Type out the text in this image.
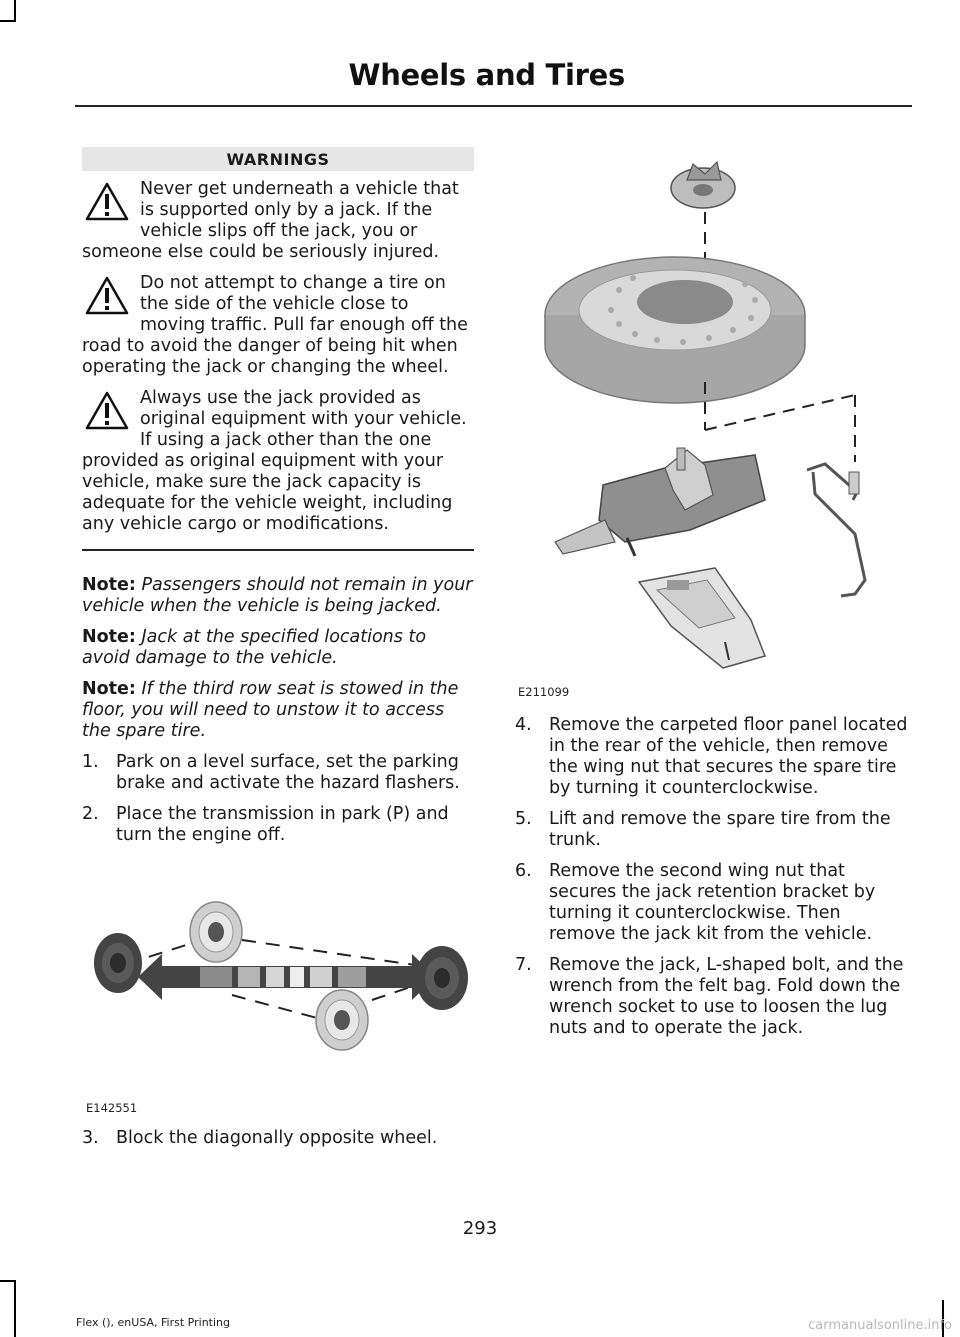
Wheels and Tires
WARNINGS
Never get underneath a vehicle that is supported only by a jack. If the vehicle slips off the jack, you or someone else could be seriously injured.
Do not attempt to change a tire on the side of the vehicle close to moving traffic. Pull far enough off the road to avoid the danger of being hit when operating the jack or changing the wheel.
Always use the jack provided as original equipment with your vehicle. If using a jack other than the one provided as original equipment with your vehicle, make sure the jack capacity is adequate for the vehicle weight, including any vehicle cargo or modifications.

Note: Passengers should not remain in your vehicle when the vehicle is being jacked.

Note: Jack at the specified locations to avoid damage to the vehicle.

Note: If the third row seat is stowed in the floor, you will need to unstow it to access the spare tire.

1. Park on a level surface, set the parking brake and activate the hazard flashers.
2. Place the transmission in park (P) and turn the engine off.
E142551
3. Block the diagonally opposite wheel.
E211099
4. Remove the carpeted floor panel located in the rear of the vehicle, then remove the wing nut that secures the spare tire by turning it counterclockwise.
5. Lift and remove the spare tire from the trunk.
6. Remove the second wing nut that secures the jack retention bracket by turning it counterclockwise. Then remove the jack kit from the vehicle.
7. Remove the jack, L-shaped bolt, and the wrench from the felt bag. Fold down the wrench socket to use to loosen the lug nuts and to operate the jack.
293
Flex (), enUSA, First Printing	carmanualsonline.info
